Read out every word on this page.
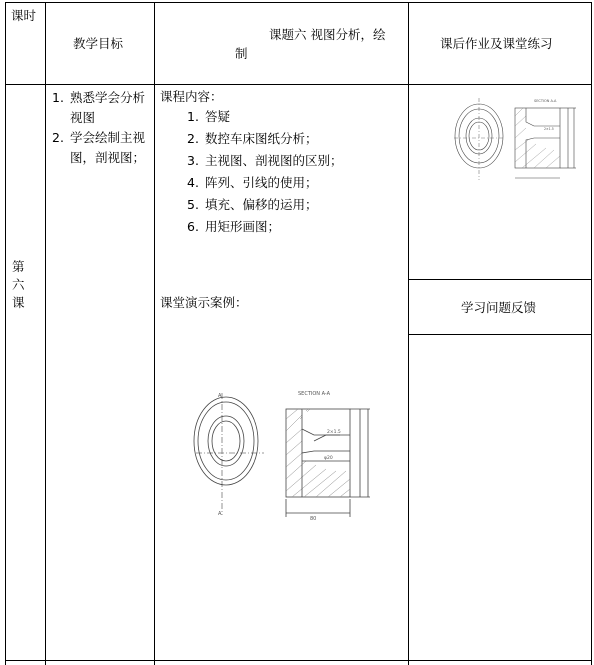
课时
教学目标
课题六 视图分析，绘
制
课后作业及课堂练习
第
六
课
1. 熟悉学会分析视图
2. 学会绘制主视图，剖视图；
课程内容：
1. 答疑
2. 数控车床图纸分析；
3. 主视图、剖视图的区别；
4. 阵列、引线的使用；
5. 填充、偏移的运用；
6. 用矩形画图；
课堂演示案例：
SECTION A-A
A
A
2×1.5
80
φ20
SECTION A-A
2×1.5
学习问题反馈
